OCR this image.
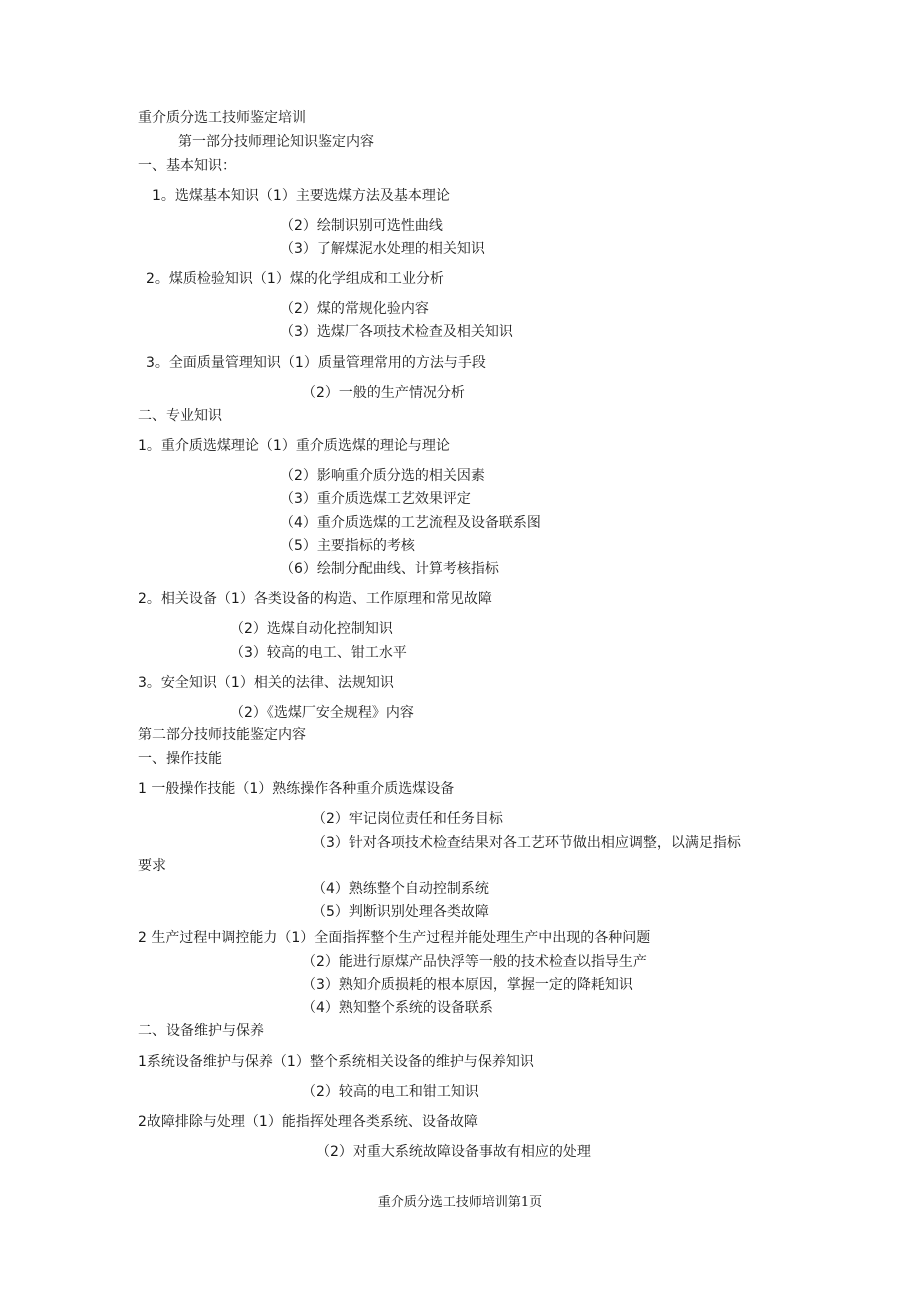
重介质分选工技师鉴定培训
第一部分技师理论知识鉴定内容
一、基本知识：
1。选煤基本知识（1）主要选煤方法及基本理论
（2）绘制识别可选性曲线
（3）了解煤泥水处理的相关知识
2。煤质检验知识（1）煤的化学组成和工业分析
（2）煤的常规化验内容
（3）选煤厂各项技术检查及相关知识
3。全面质量管理知识（1）质量管理常用的方法与手段
（2）一般的生产情况分析
二、专业知识
1。重介质选煤理论（1）重介质选煤的理论与理论
（2）影响重介质分选的相关因素
（3）重介质选煤工艺效果评定
（4）重介质选煤的工艺流程及设备联系图
（5）主要指标的考核
（6）绘制分配曲线、计算考核指标
2。相关设备（1）各类设备的构造、工作原理和常见故障
（2）选煤自动化控制知识
（3）较高的电工、钳工水平
3。安全知识（1）相关的法律、法规知识
（2）《选煤厂安全规程》内容
第二部分技师技能鉴定内容
一、操作技能
1 一般操作技能（1）熟练操作各种重介质选煤设备
（2）牢记岗位责任和任务目标
（3）针对各项技术检查结果对各工艺环节做出相应调整，以满足指标
要求
（4）熟练整个自动控制系统
（5）判断识别处理各类故障
2 生产过程中调控能力（1）全面指挥整个生产过程并能处理生产中出现的各种问题
（2）能进行原煤产品快浮等一般的技术检查以指导生产
（3）熟知介质损耗的根本原因，掌握一定的降耗知识
（4）熟知整个系统的设备联系
二、设备维护与保养
1系统设备维护与保养（1）整个系统相关设备的维护与保养知识
（2）较高的电工和钳工知识
2故障排除与处理（1）能指挥处理各类系统、设备故障
（2）对重大系统故障设备事故有相应的处理
重介质分选工技师培训第1页
